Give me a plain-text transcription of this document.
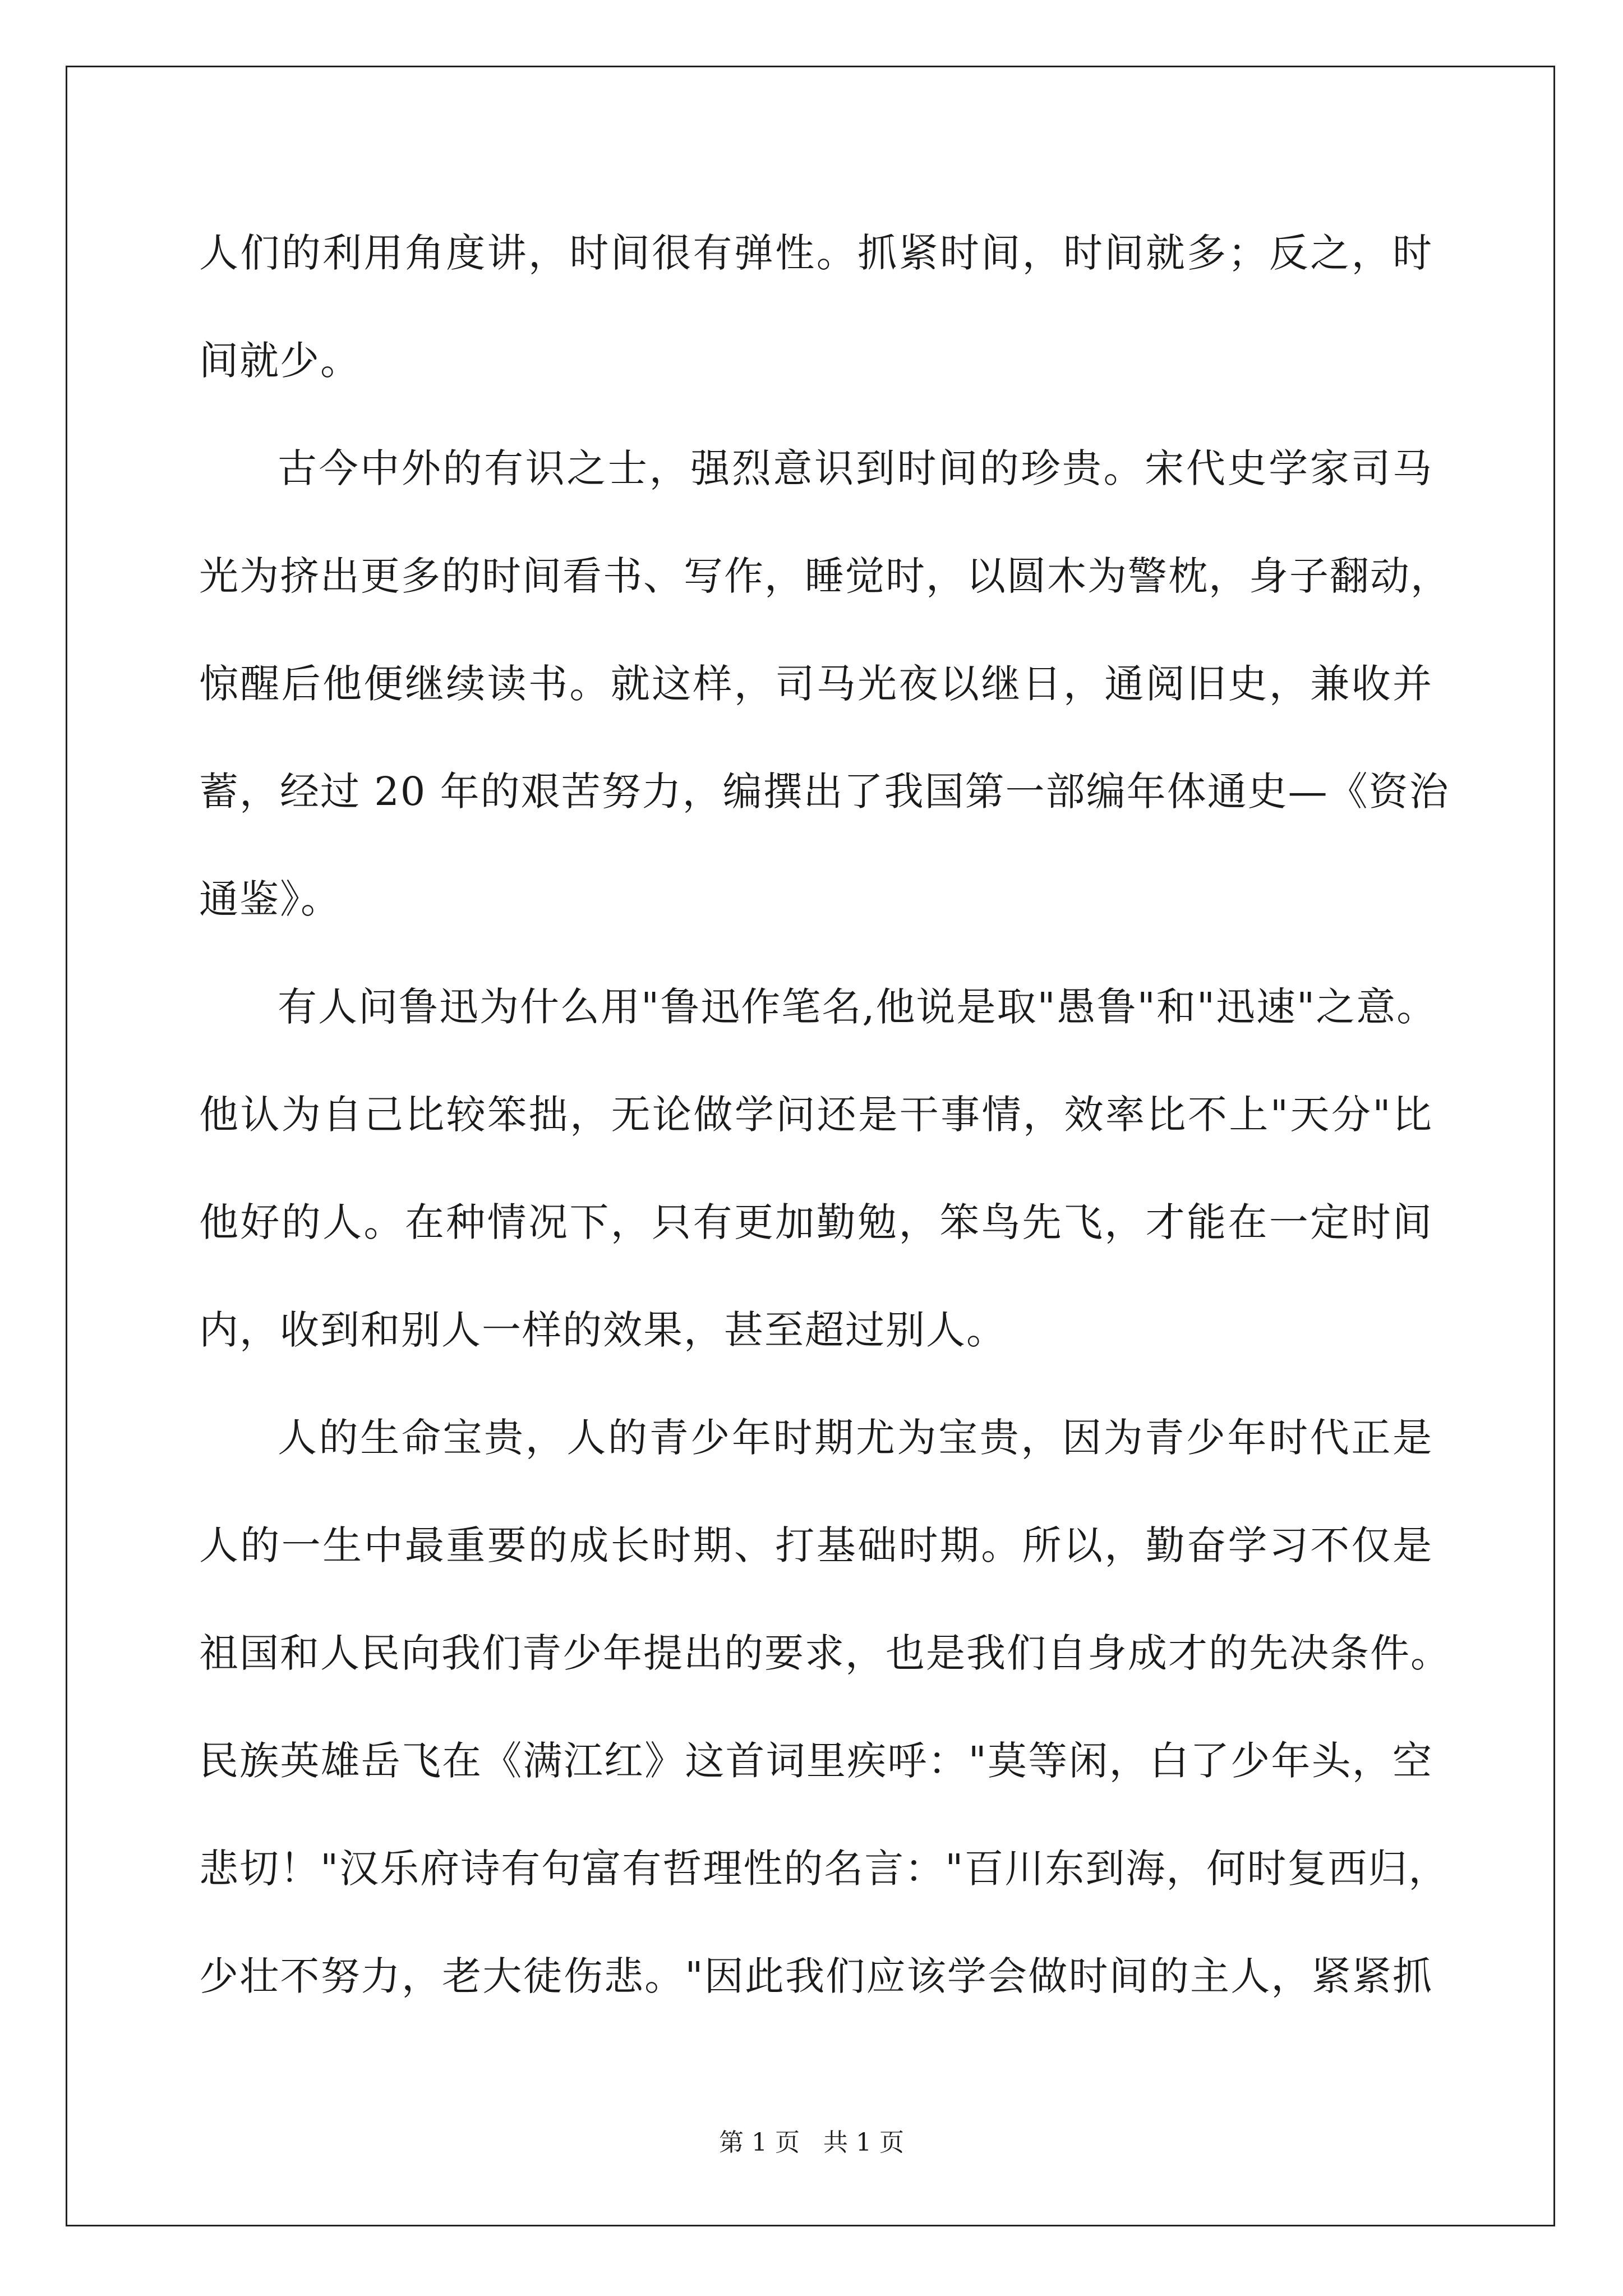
人们的利用角度讲，时间很有弹性。抓紧时间，时间就多；反之，时
间就少。
古今中外的有识之士，强烈意识到时间的珍贵。宋代史学家司马
光为挤出更多的时间看书、写作，睡觉时，以圆木为警枕，身子翻动，
惊醒后他便继续读书。就这样，司马光夜以继日，通阅旧史，兼收并
蓄，经过 20 年的艰苦努力，编撰出了我国第一部编年体通史—《资治
通鉴》。
有人问鲁迅为什么用"鲁迅作笔名,他说是取"愚鲁"和"迅速"之意。
他认为自己比较笨拙，无论做学问还是干事情，效率比不上"天分"比
他好的人。在种情况下，只有更加勤勉，笨鸟先飞，才能在一定时间
内，收到和别人一样的效果，甚至超过别人。
人的生命宝贵，人的青少年时期尤为宝贵，因为青少年时代正是
人的一生中最重要的成长时期、打基础时期。所以，勤奋学习不仅是
祖国和人民向我们青少年提出的要求，也是我们自身成才的先决条件。
民族英雄岳飞在《满江红》这首词里疾呼："莫等闲，白了少年头，空
悲切！"汉乐府诗有句富有哲理性的名言："百川东到海，何时复西归，
少壮不努力，老大徒伤悲。"因此我们应该学会做时间的主人，紧紧抓
第 1 页   共 1 页
